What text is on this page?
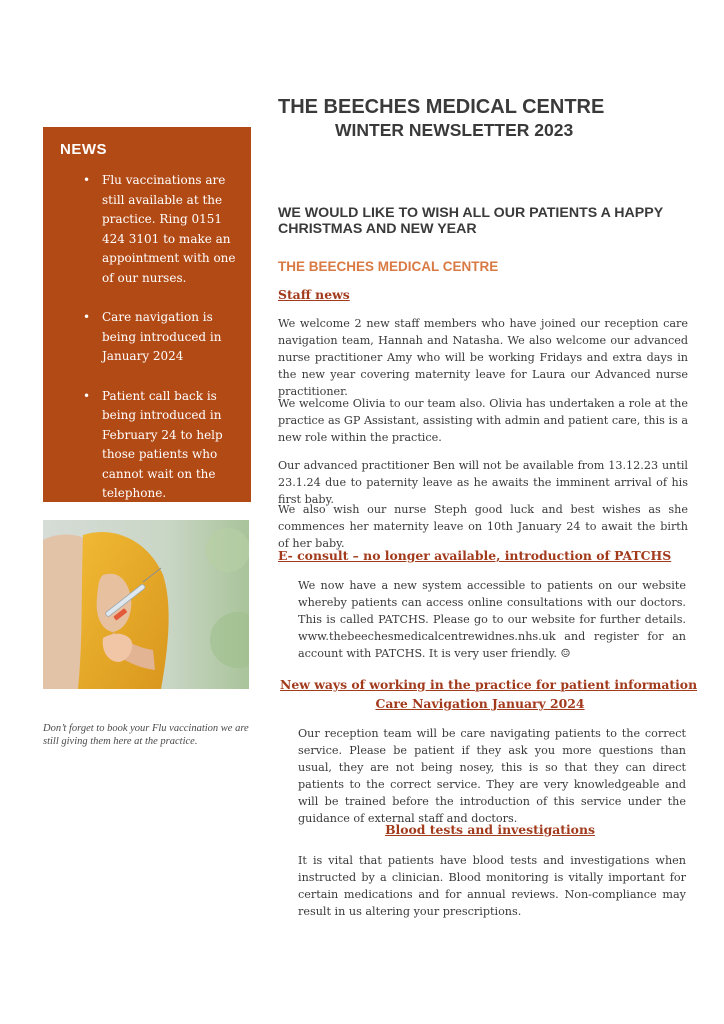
NEWS
• Flu vaccinations are still available at the practice. Ring 0151 424 3101 to make an appointment with one of our nurses.
• Care navigation is being introduced in January 2024
• Patient call back is being introduced in February 24 to help those patients who cannot wait on the telephone.
Don’t forget to book your Flu vaccination we are still giving them here at the practice.
THE BEECHES MEDICAL CENTRE
WINTER NEWSLETTER 2023
WE WOULD LIKE TO WISH ALL OUR PATIENTS A HAPPY CHRISTMAS AND NEW YEAR
THE BEECHES MEDICAL CENTRE
Staff news

We welcome 2 new staff members who have joined our reception care navigation team, Hannah and Natasha. We also welcome our advanced nurse practitioner Amy who will be working Fridays and extra days in the new year covering maternity leave for Laura our Advanced nurse practitioner.

We welcome Olivia to our team also. Olivia has undertaken a role at the practice as GP Assistant, assisting with admin and patient care, this is a new role within the practice.

Our advanced practitioner Ben will not be available from 13.12.23 until 23.1.24 due to paternity leave as he awaits the imminent arrival of his first baby.

We also wish our nurse Steph good luck and best wishes as she commences her maternity leave on 10th January 24 to await the birth of her baby.

E- consult – no longer available, introduction of PATCHS

We now have a new system accessible to patients on our website whereby patients can access online consultations with our doctors. This is called PATCHS. Please go to our website for further details. www.thebeechesmedicalcentrewidnes.nhs.uk and register for an account with PATCHS. It is very user friendly. ☺

New ways of working in the practice for patient information
Care Navigation January 2024

Our reception team will be care navigating patients to the correct service. Please be patient if they ask you more questions than usual, they are not being nosey, this is so that they can direct patients to the correct service. They are very knowledgeable and will be trained before the introduction of this service under the guidance of external staff and doctors.

Blood tests and investigations

It is vital that patients have blood tests and investigations when instructed by a clinician. Blood monitoring is vitally important for certain medications and for annual reviews. Non-compliance may result in us altering your prescriptions.
